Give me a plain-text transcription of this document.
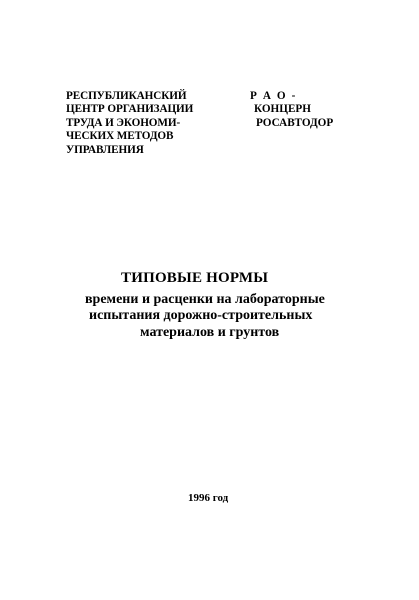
РЕСПУБЛИКАНСКИЙ
ЦЕНТР ОРГАНИЗАЦИИ
ТРУДА И ЭКОНОМИ-
ЧЕСКИХ МЕТОДОВ
УПРАВЛЕНИЯ
Р А О -
КОНЦЕРН
РОСАВТОДОР
ТИПОВЫЕ НОРМЫ
времени и расценки на лабораторные
испытания дорожно-строительных
материалов и грунтов
1996 год
